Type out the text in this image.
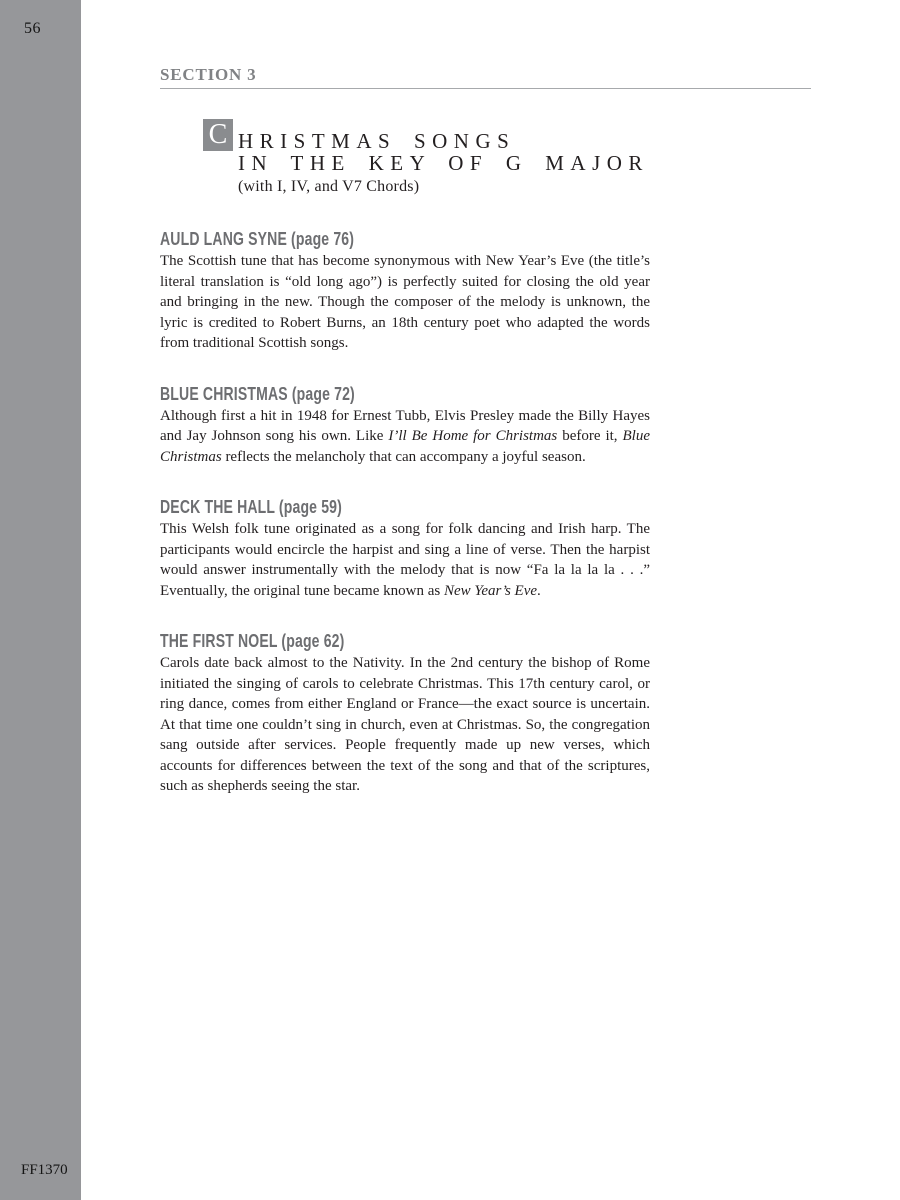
56
FF1370
SECTION 3
C HRISTMAS SONGS
IN THE KEY OF G MAJOR
(with I, IV, and V7 Chords)
AULD LANG SYNE (page 76)

The Scottish tune that has become synonymous with New Year’s Eve (the title’s literal translation is “old long ago”) is perfectly suited for closing the old year and bringing in the new. Though the composer of the melody is unknown, the lyric is credited to Robert Burns, an 18th century poet who adapted the words from traditional Scottish songs.

BLUE CHRISTMAS (page 72)

Although first a hit in 1948 for Ernest Tubb, Elvis Presley made the Billy Hayes and Jay Johnson song his own. Like I’ll Be Home for Christmas before it, Blue Christmas reflects the melancholy that can accompany a joyful season.

DECK THE HALL (page 59)

This Welsh folk tune originated as a song for folk dancing and Irish harp. The participants would encircle the harpist and sing a line of verse. Then the harpist would answer instrumentally with the melody that is now “Fa la la la la . . .” Eventually, the original tune became known as New Year’s Eve.

THE FIRST NOEL (page 62)

Carols date back almost to the Nativity. In the 2nd century the bishop of Rome initiated the singing of carols to celebrate Christmas. This 17th century carol, or ring dance, comes from either England or France—the exact source is uncertain. At that time one couldn’t sing in church, even at Christmas. So, the congregation sang outside after services. People frequently made up new verses, which accounts for differences between the text of the song and that of the scriptures, such as shepherds seeing the star.
